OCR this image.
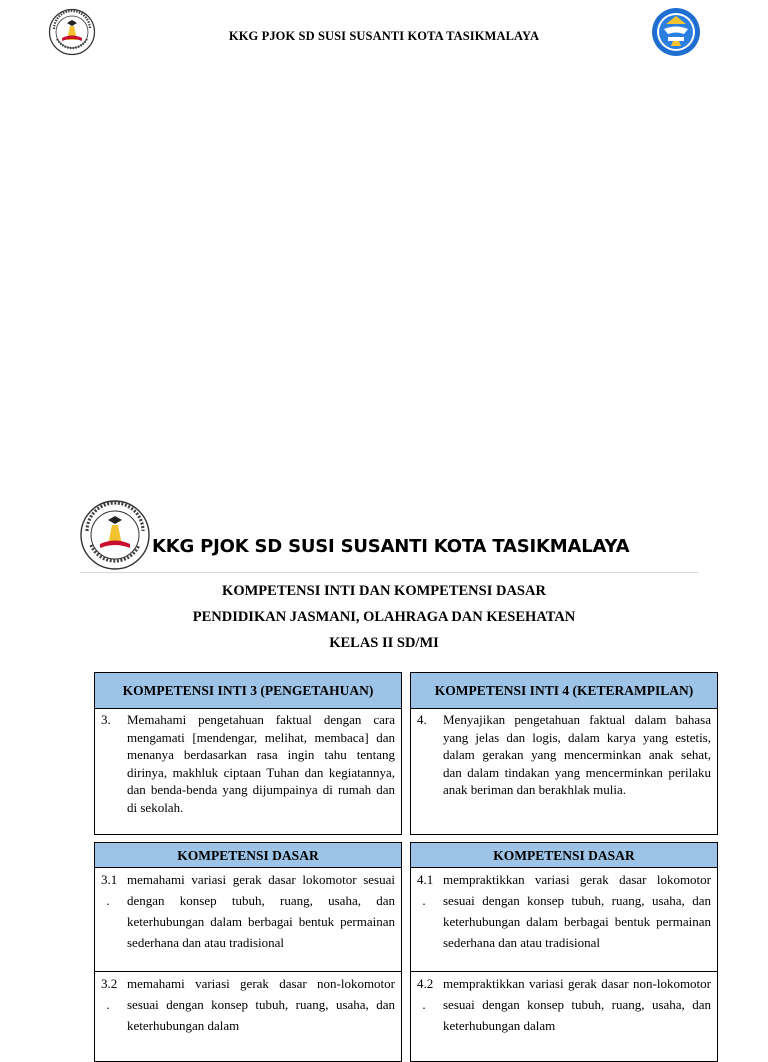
KKG PJOK SD SUSI SUSANTI KOTA TASIKMALAYA
KKG PJOK SD SUSI SUSANTI KOTA TASIKMALAYA
KOMPETENSI INTI DAN KOMPETENSI DASAR
PENDIDIKAN JASMANI, OLAHRAGA DAN KESEHATAN
KELAS II SD/MI
KOMPETENSI INTI 3 (PENGETAHUAN)
3.	Memahami pengetahuan faktual dengan cara mengamati [mendengar, melihat, membaca] dan menanya berdasarkan rasa ingin tahu tentang dirinya, makhluk ciptaan Tuhan dan kegiatannya, dan benda-benda yang dijumpainya di rumah dan di sekolah.
KOMPETENSI INTI 4 (KETERAMPILAN)
4.	Menyajikan pengetahuan faktual dalam bahasa yang jelas dan logis, dalam karya yang estetis, dalam gerakan yang mencerminkan anak sehat, dan dalam tindakan yang mencerminkan perilaku anak beriman dan berakhlak mulia.
KOMPETENSI DASAR
3.1
.
memahami variasi gerak dasar lokomotor sesuai dengan konsep tubuh, ruang, usaha, dan keterhubungan dalam berbagai bentuk permainan sederhana dan atau tradisional
3.2
.
memahami variasi gerak dasar non-lokomotor sesuai dengan konsep tubuh, ruang, usaha, dan keterhubungan dalam
KOMPETENSI DASAR
4.1
.
mempraktikkan variasi gerak dasar lokomotor sesuai dengan konsep tubuh, ruang, usaha, dan keterhubungan dalam berbagai bentuk permainan sederhana dan atau tradisional
4.2
.
mempraktikkan variasi gerak dasar non-lokomotor sesuai dengan konsep tubuh, ruang, usaha, dan keterhubungan dalam
